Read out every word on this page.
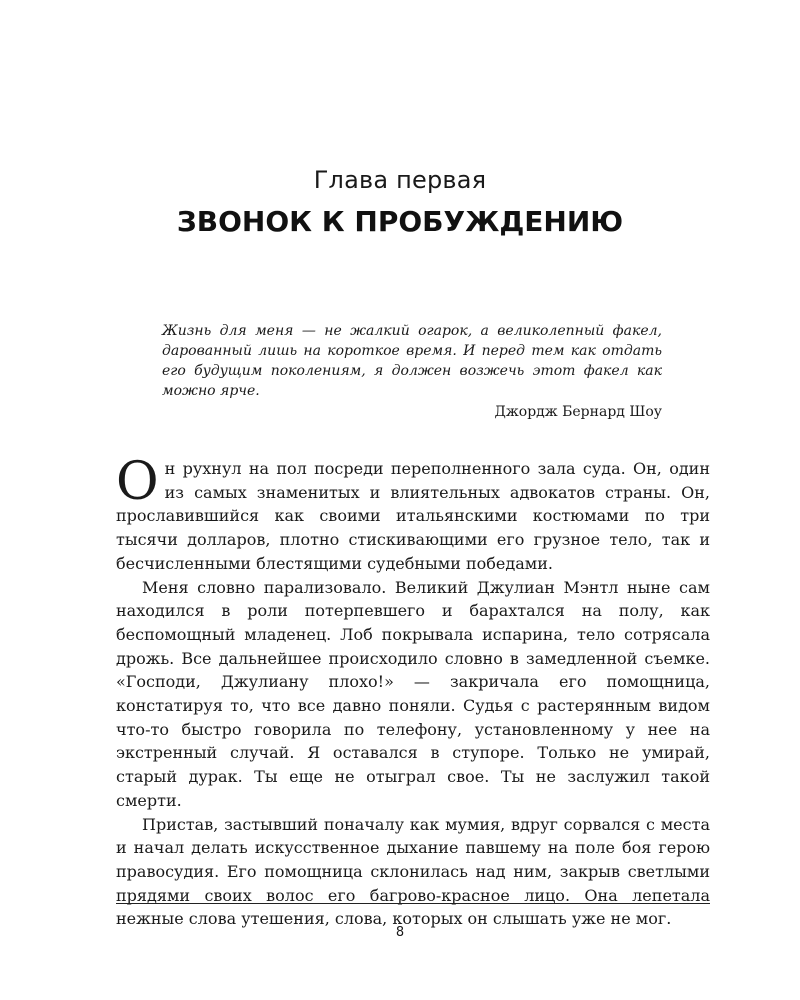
Глава первая
ЗВОНОК К ПРОБУЖДЕНИЮ
Жизнь для меня — не жалкий огарок, а великолепный факел, дарованный лишь на короткое время. И перед тем как отдать его будущим поколениям, я должен возжечь этот факел как можно ярче.
Джордж Бернард Шоу

Он рухнул на пол посреди переполненного зала суда. Он, один из самых знаменитых и влиятельных адвокатов страны. Он, прославившийся как своими итальянскими костюмами по три тысячи долларов, плотно стискивающими его грузное тело, так и бесчисленными блестящими судебными победами.

Меня словно парализовало. Великий Джулиан Мэнтл ныне сам находился в роли потерпевшего и барахтался на полу, как беспомощный младенец. Лоб покрывала испарина, тело сотрясала дрожь. Все дальнейшее происходило словно в замедленной съемке. «Господи, Джулиану плохо!» — закричала его помощница, констатируя то, что все давно поняли. Судья с растерянным видом что-то быстро говорила по телефону, установленному у нее на экстренный случай. Я оставался в ступоре. Только не умирай, старый дурак. Ты еще не отыграл свое. Ты не заслужил такой смерти.

Пристав, застывший поначалу как мумия, вдруг сорвался с места и начал делать искусственное дыхание павшему на поле боя герою правосудия. Его помощница склонилась над ним, закрыв светлыми прядями своих волос его багрово-красное лицо. Она лепетала нежные слова утешения, слова, которых он слышать уже не мог.

8
